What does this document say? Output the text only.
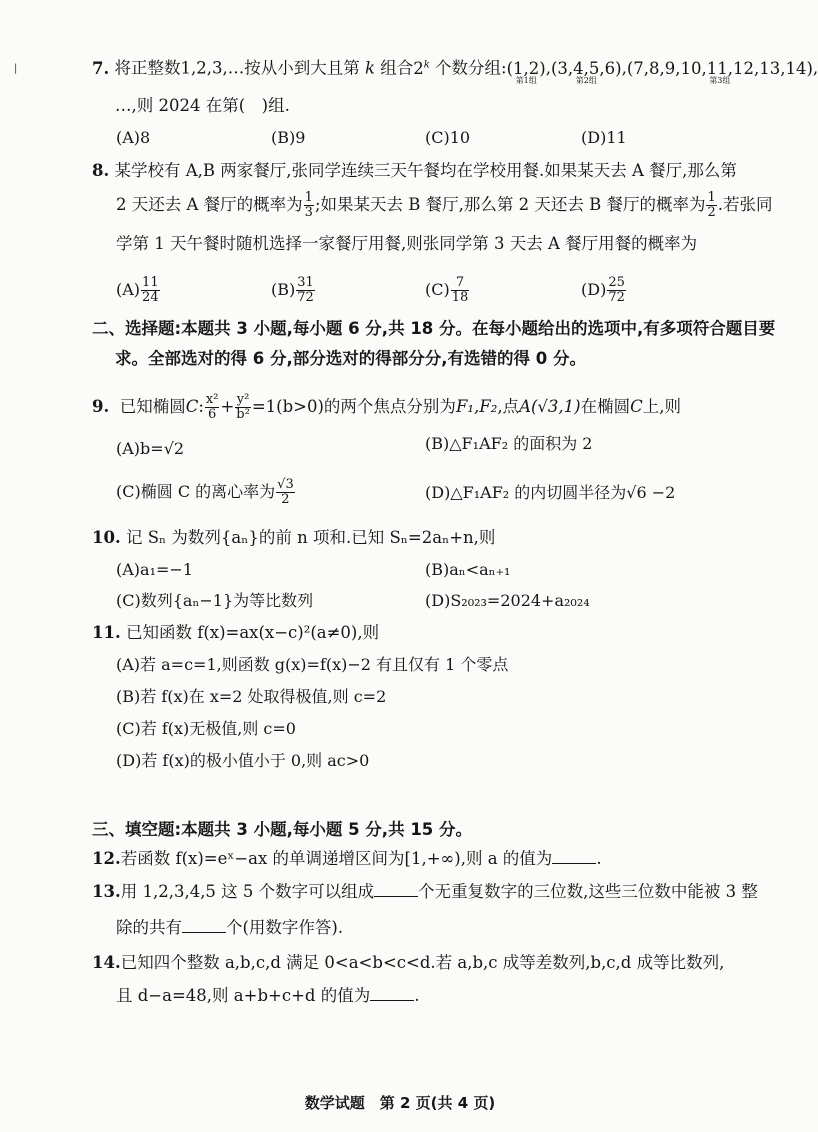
|	7. 将正整数1,2,3,…按从小到大且第 k 组合2$^k$ 个数分组:(1,2)
第1组
,(3,4,5,6)
第2组
,(7,8,9,10,11,12,13,14)
第3组
,
…,则 2024 在第(　)组.
(A)8	(B)9	(C)10	(D)11
8. 某学校有 A,B 两家餐厅,张同学连续三天午餐均在学校用餐.如果某天去 A 餐厅,那么第
2 天还去 A 餐厅的概率为 $\frac{1}{3}$ ;如果某天去 B 餐厅,那么第 2 天还去 B 餐厅的概率为 $\frac{1}{2}$ .若张同
学第 1 天午餐时随机选择一家餐厅用餐,则张同学第 3 天去 A 餐厅用餐的概率为
$(A) \frac{11}{24}$	$(B) \frac{31}{72}$	$(C) \frac{7}{18}$	$(D) \frac{25}{72}$
二、选择题:本题共 3 小题,每小题 6 分,共 18 分。在每小题给出的选项中,有多项符合题目要
求。全部选对的得 6 分,部分选对的得部分分,有选错的得 0 分。
9. 已知椭圆C: $\frac{\text{x²}}{6} + \frac{\text{y²}}{\text{b²}} =1(b>0)$的两个焦点分别为F₁,F₂,点A(√3,1)在椭圆C上,则
(A)b=√2	(B)△F₁AF₂ 的面积为 2
(C)椭圆 C 的离心率为 $\frac{√3}{2}$	(D)△F₁AF₂ 的内切圆半径为√6 −2
10. 记 Sₙ 为数列{aₙ}的前 n 项和.已知 Sₙ=2aₙ+n,则
(A)a₁=−1	(B)aₙ<aₙ₊₁
(C)数列{aₙ−1}为等比数列	(D)S₂₀₂₃=2024+a₂₀₂₄
11. 已知函数 f(x)=ax(x−c)²(a≠0),则
(A)若 a=c=1,则函数 g(x)=f(x)−2 有且仅有 1 个零点
(B)若 f(x)在 x=2 处取得极值,则 c=2
(C)若 f(x)无极值,则 c=0
(D)若 f(x)的极小值小于 0,则 ac>0
三、填空题:本题共 3 小题,每小题 5 分,共 15 分。
12.若函数 f(x)=eˣ−ax 的单调递增区间为[1,+∞),则 a 的值为	.
13.用 1,2,3,4,5 这 5 个数字可以组成	个无重复数字的三位数,这些三位数中能被 3 整
除的共有	个(用数字作答).
14.已知四个整数 a,b,c,d 满足 0<a<b<c<d.若 a,b,c 成等差数列,b,c,d 成等比数列,
且 d−a=48,则 a+b+c+d 的值为	.
数学试题　第 2 页(共 4 页)
